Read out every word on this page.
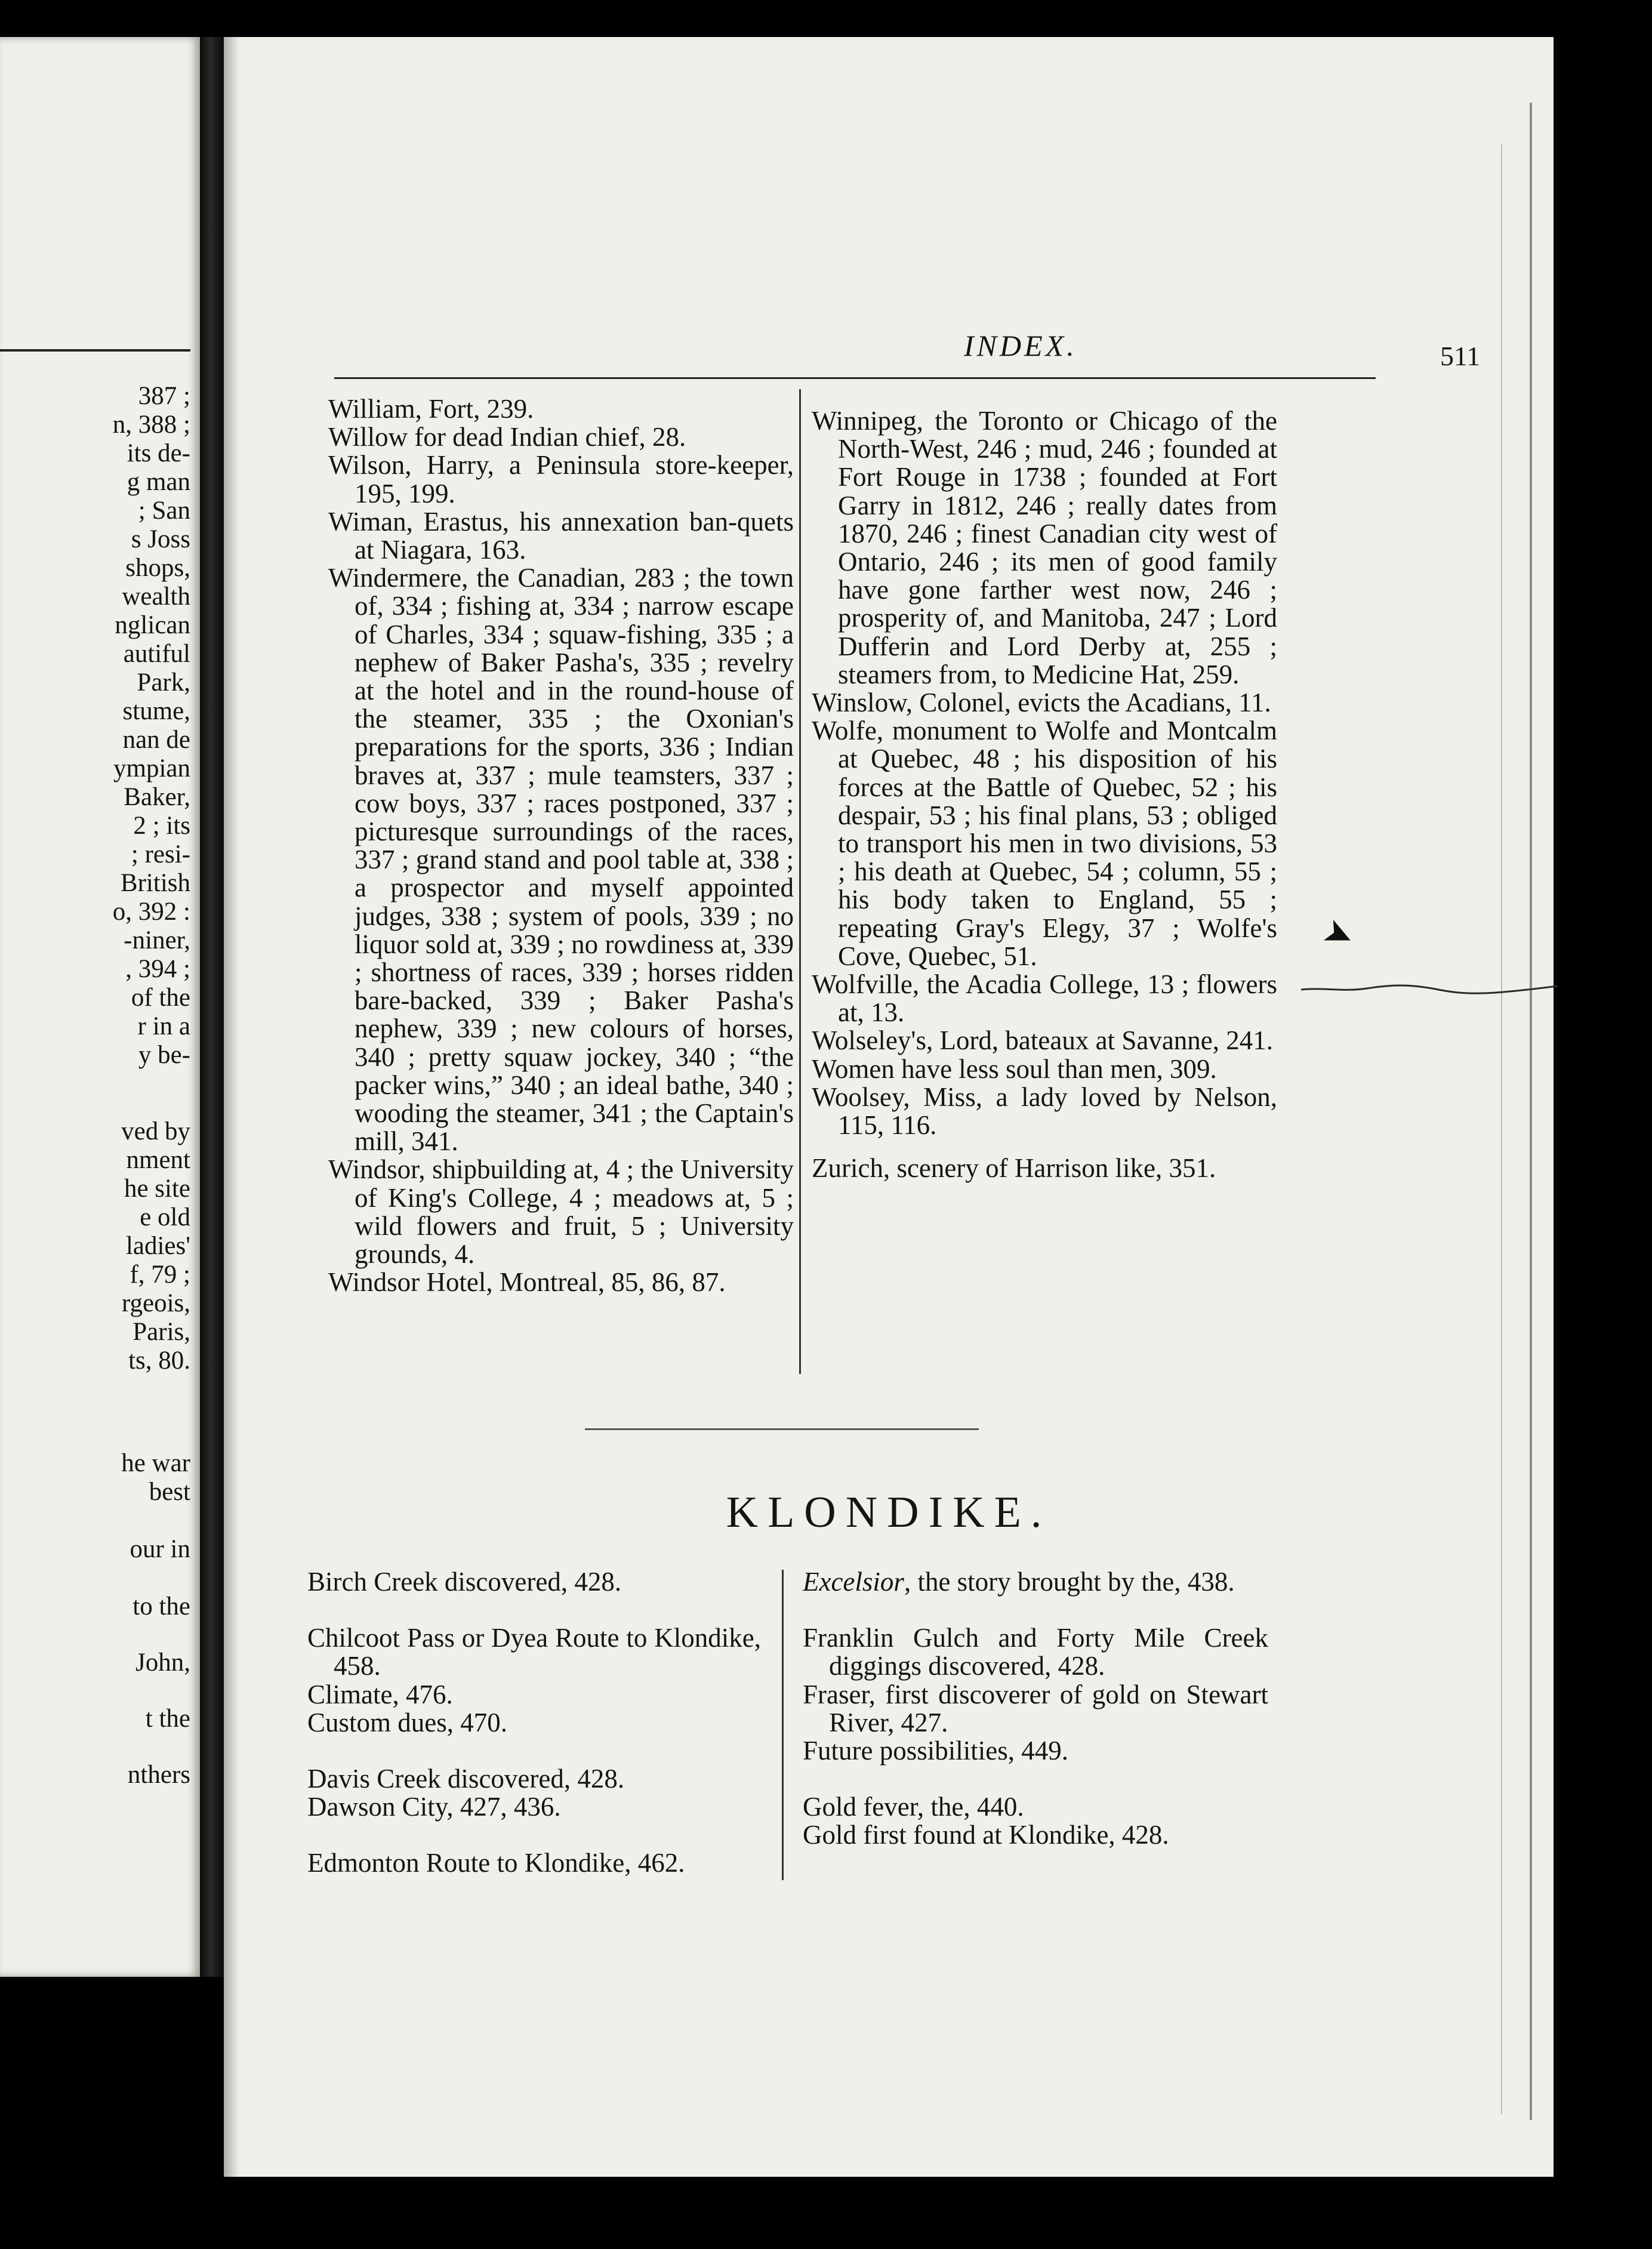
387 ;
n, 388 ;
its de-
g man
; San
s Joss
shops,
wealth
nglican
autiful
Park,
stume,
nan de
ympian
Baker,
2 ; its
; resi-
British
o, 392 :
-niner,
, 394 ;
of the
r in a
y be-
ved by
nment
he site
e old
ladies'
f, 79 ;
rgeois,
Paris,
ts, 80.
he war
best
our in
to the
John,
t the
nthers
INDEX.	511

William, Fort, 239.

Willow for dead Indian chief, 28.

Wilson, Harry, a Peninsula store-keeper, 195, 199.

Wiman, Erastus, his annexation ban-quets at Niagara, 163.

Windermere, the Canadian, 283 ; the town of, 334 ; fishing at, 334 ; narrow escape of Charles, 334 ; squaw-fishing, 335 ; a nephew of Baker Pasha's, 335 ; revelry at the hotel and in the round-house of the steamer, 335 ; the Oxonian's preparations for the sports, 336 ; Indian braves at, 337 ; mule teamsters, 337 ; cow boys, 337 ; races postponed, 337 ; picturesque surroundings of the races, 337 ; grand stand and pool table at, 338 ; a prospector and myself appointed judges, 338 ; system of pools, 339 ; no liquor sold at, 339 ; no rowdiness at, 339 ; shortness of races, 339 ; horses ridden bare-backed, 339 ; Baker Pasha's nephew, 339 ; new colours of horses, 340 ; pretty squaw jockey, 340 ; “the packer wins,” 340 ; an ideal bathe, 340 ; wooding the steamer, 341 ; the Captain's mill, 341.

Windsor, shipbuilding at, 4 ; the University of King's College, 4 ; meadows at, 5 ; wild flowers and fruit, 5 ; University grounds, 4.

Windsor Hotel, Montreal, 85, 86, 87.

Winnipeg, the Toronto or Chicago of the North-West, 246 ; mud, 246 ; founded at Fort Rouge in 1738 ; founded at Fort Garry in 1812, 246 ; really dates from 1870, 246 ; finest Canadian city west of Ontario, 246 ; its men of good family have gone farther west now, 246 ; prosperity of, and Manitoba, 247 ; Lord Dufferin and Lord Derby at, 255 ; steamers from, to Medicine Hat, 259.

Winslow, Colonel, evicts the Acadians, 11.

Wolfe, monument to Wolfe and Montcalm at Quebec, 48 ; his disposition of his forces at the Battle of Quebec, 52 ; his despair, 53 ; his final plans, 53 ; obliged to transport his men in two divisions, 53 ; his death at Quebec, 54 ; column, 55 ; his body taken to England, 55 ; repeating Gray's Elegy, 37 ; Wolfe's Cove, Quebec, 51.

Wolfville, the Acadia College, 13 ; flowers at, 13.

Wolseley's, Lord, bateaux at Savanne, 241.

Women have less soul than men, 309.

Woolsey, Miss, a lady loved by Nelson, 115, 116.

Zurich, scenery of Harrison like, 351.

KLONDIKE.

Birch Creek discovered, 428.

Chilcoot Pass or Dyea Route to Klondike, 458.

Climate, 476.

Custom dues, 470.

Davis Creek discovered, 428.

Dawson City, 427, 436.

Edmonton Route to Klondike, 462.

Excelsior, the story brought by the, 438.

Franklin Gulch and Forty Mile Creek diggings discovered, 428.

Fraser, first discoverer of gold on Stewart River, 427.

Future possibilities, 449.

Gold fever, the, 440.

Gold first found at Klondike, 428.

➤
